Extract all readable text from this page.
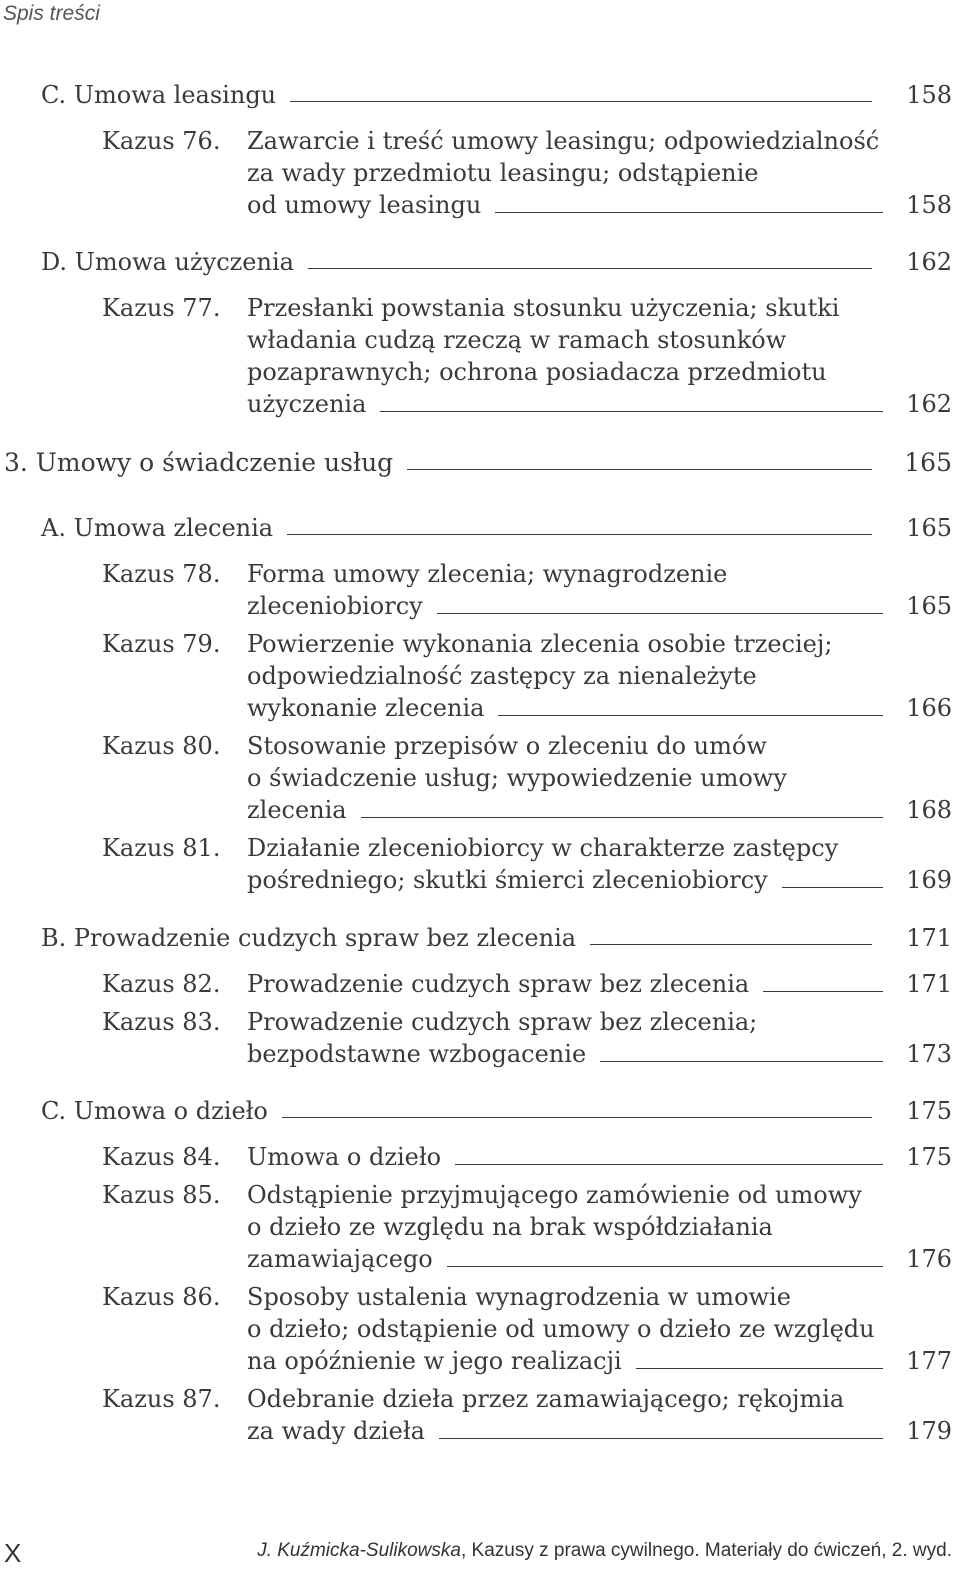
Spis treści
C. Umowa leasingu	158
Kazus 76. Zawarcie i treść umowy leasingu; odpowiedzialność
za wady przedmiotu leasingu; odstąpienie
od umowy leasingu	158
D. Umowa użyczenia	162
Kazus 77. Przesłanki powstania stosunku użyczenia; skutki
władania cudzą rzeczą w ramach stosunków
pozaprawnych; ochrona posiadacza przedmiotu
użyczenia	162
3. Umowy o świadczenie usług	165
A. Umowa zlecenia	165
Kazus 78. Forma umowy zlecenia; wynagrodzenie
zleceniobiorcy	165
Kazus 79. Powierzenie wykonania zlecenia osobie trzeciej;
odpowiedzialność zastępcy za nienależyte
wykonanie zlecenia	166
Kazus 80. Stosowanie przepisów o zleceniu do umów
o świadczenie usług; wypowiedzenie umowy
zlecenia	168
Kazus 81. Działanie zleceniobiorcy w charakterze zastępcy
pośredniego; skutki śmierci zleceniobiorcy	169
B. Prowadzenie cudzych spraw bez zlecenia	171
Kazus 82. Prowadzenie cudzych spraw bez zlecenia	171
Kazus 83. Prowadzenie cudzych spraw bez zlecenia;
bezpodstawne wzbogacenie	173
C. Umowa o dzieło	175
Kazus 84. Umowa o dzieło	175
Kazus 85. Odstąpienie przyjmującego zamówienie od umowy
o dzieło ze względu na brak współdziałania
zamawiającego	176
Kazus 86. Sposoby ustalenia wynagrodzenia w umowie
o dzieło; odstąpienie od umowy o dzieło ze względu
na opóźnienie w jego realizacji	177
Kazus 87. Odebranie dzieła przez zamawiającego; rękojmia
za wady dzieła	179
X	J. Kuźmicka-Sulikowska, Kazusy z prawa cywilnego. Materiały do ćwiczeń, 2. wyd.
